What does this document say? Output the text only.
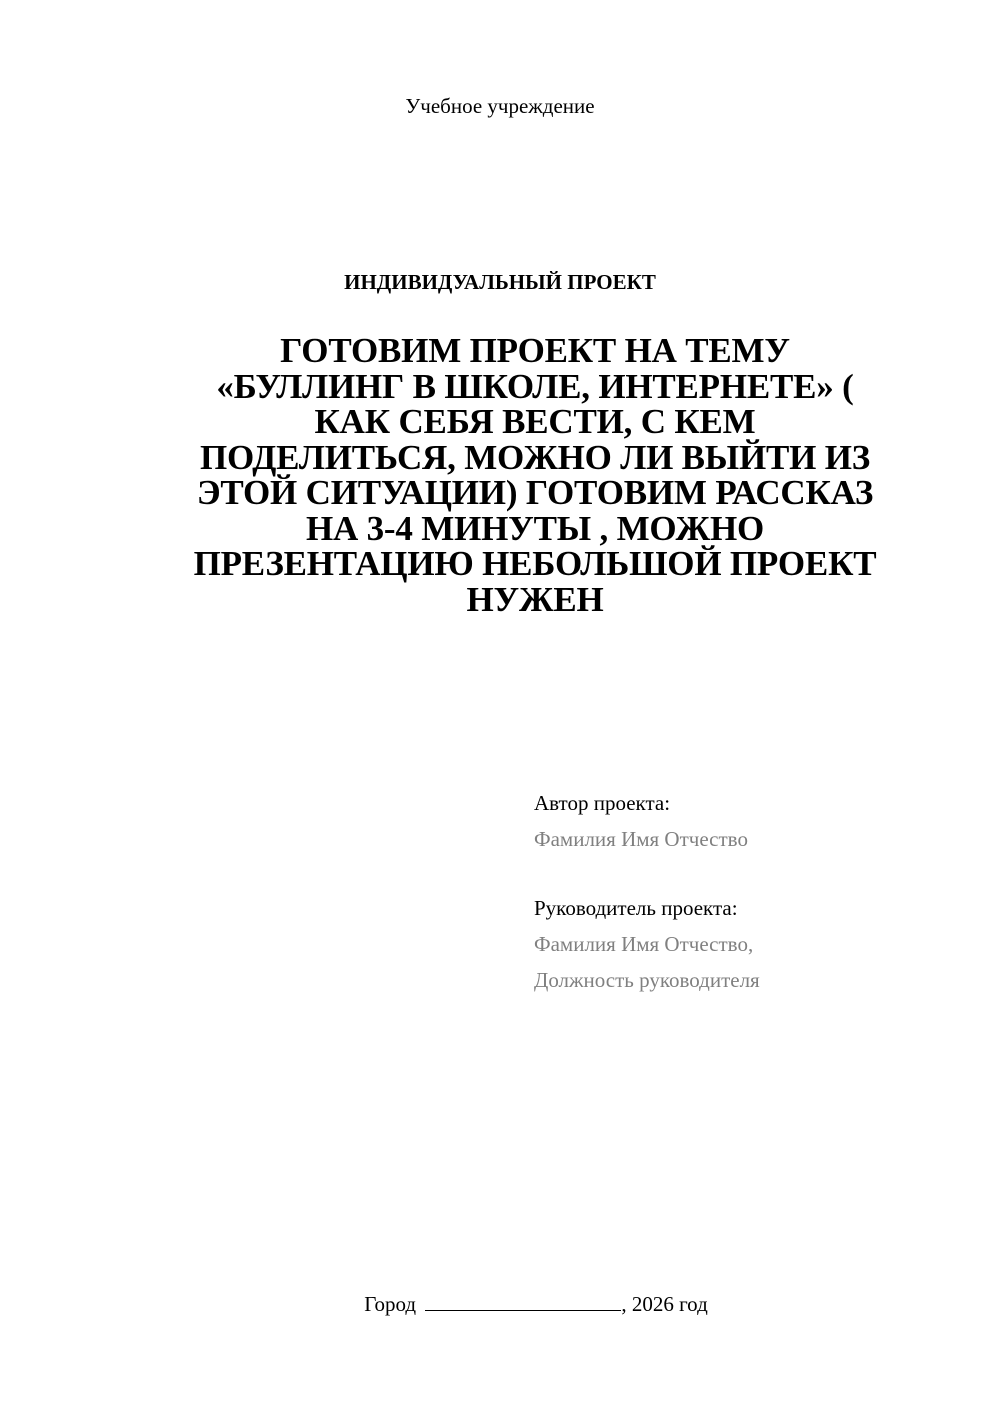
Учебное учреждение
ИНДИВИДУАЛЬНЫЙ ПРОЕКТ
ГОТОВИМ ПРОЕКТ НА ТЕМУ
«БУЛЛИНГ В ШКОЛЕ, ИНТЕРНЕТЕ» (
КАК СЕБЯ ВЕСТИ, С КЕМ
ПОДЕЛИТЬСЯ, МОЖНО ЛИ ВЫЙТИ ИЗ
ЭТОЙ СИТУАЦИИ) ГОТОВИМ РАССКАЗ
НА 3-4 МИНУТЫ , МОЖНО
ПРЕЗЕНТАЦИЮ НЕБОЛЬШОЙ ПРОЕКТ
НУЖЕН
Автор проекта:
Фамилия Имя Отчество
Руководитель проекта:
Фамилия Имя Отчество,
Должность руководителя
Город	, 2026 год
